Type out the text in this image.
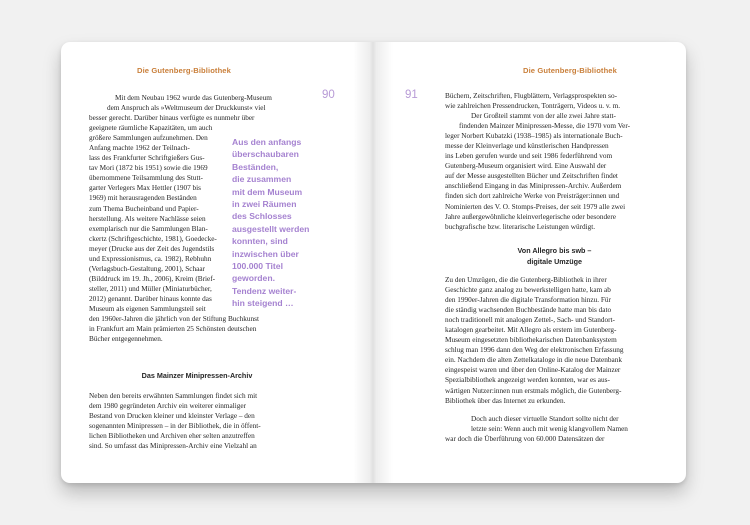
Die Gutenberg-Bibliothek
90
Mit dem Neubau 1962 wurde das Gutenberg-Museum
dem Anspruch als »Weltmuseum der Druckkunst« viel
besser gerecht. Darüber hinaus verfügte es nunmehr über
geeignete räumliche Kapazitäten, um auch
größere Sammlungen aufzunehmen. Den
Anfang machte 1962 der Teilnach-
lass des Frankfurter Schriftgießers Gus-
tav Mori (1872 bis 1951) sowie die 1969
übernommene Teilsammlung des Stutt-
garter Verlegers Max Hettler (1907 bis
1969) mit herausragenden Beständen
zum Thema Bucheinband und Papier-
herstellung. Als weitere Nachlässe seien
exemplarisch nur die Sammlungen Blan-
ckertz (Schriftgeschichte, 1981), Goedecke-
meyer (Drucke aus der Zeit des Jugendstils
und Expressionismus, ca. 1982), Rebhuhn
(Verlagsbuch-Gestaltung, 2001), Schaar
(Bilddruck im 19. Jh., 2006), Kreim (Brief-
steller, 2011) und Müller (Miniaturbücher,
2012) genannt. Darüber hinaus konnte das
Museum als eigenen Sammlungsteil seit
den 1960er-Jahren die jährlich von der Stiftung Buchkunst
in Frankfurt am Main prämierten 25 Schönsten deutschen
Bücher entgegennehmen.
Das Mainzer Minipressen-Archiv
Neben den bereits erwähnten Sammlungen findet sich mit
dem 1980 gegründeten Archiv ein weiterer einmaliger
Bestand von Drucken kleiner und kleinster Verlage – den
sogenannten Minipressen – in der Bibliothek, die in öffent-
lichen Bibliotheken und Archiven eher selten anzutreffen
sind. So umfasst das Minipressen-Archiv eine Vielzahl an
Aus den anfangs
überschaubaren
Beständen,
die zusammen
mit dem Museum
in zwei Räumen
des Schlosses
ausgestellt werden
konnten, sind
inzwischen über
100.000 Titel
geworden.
Tendenz weiter-
hin steigend …
Die Gutenberg-Bibliothek
91	Büchern, Zeitschriften, Flugblättern, Verlagsprospekten so-
wie zahlreichen Pressendrucken, Tonträgern, Videos u. v. m.
Der Großteil stammt von der alle zwei Jahre statt-
findenden Mainzer Minipressen-Messe, die 1970 vom Ver-
leger Norbert Kubatzki (1938–1985) als internationale Buch-
messe der Kleinverlage und künstlerischen Handpressen
ins Leben gerufen wurde und seit 1986 federführend vom
Gutenberg-Museum organisiert wird. Eine Auswahl der
auf der Messe ausgestellten Bücher und Zeitschriften findet
anschließend Eingang in das Minipressen-Archiv. Außerdem
finden sich dort zahlreiche Werke von Preisträger:innen und
Nominierten des V. O. Stomps-Preises, der seit 1979 alle zwei
Jahre außergewöhnliche kleinverlegerische oder besondere
buchgrafische bzw. literarische Leistungen würdigt.
Von Allegro bis swb –
digitale Umzüge
Zu den Umzügen, die die Gutenberg-Bibliothek in ihrer
Geschichte ganz analog zu bewerkstelligen hatte, kam ab
den 1990er-Jahren die digitale Transformation hinzu. Für
die ständig wachsenden Buchbestände hatte man bis dato
noch traditionell mit analogen Zettel-, Sach- und Standort-
katalogen gearbeitet. Mit Allegro als erstem im Gutenberg-
Museum eingesetzten bibliothekarischen Datenbanksystem
schlug man 1996 dann den Weg der elektronischen Erfassung
ein. Nachdem die alten Zettelkataloge in die neue Datenbank
eingespeist waren und über den Online-Katalog der Mainzer
Spezialbibliothek angezeigt werden konnten, war es aus-
wärtigen Nutzer:innen nun erstmals möglich, die Gutenberg-
Bibliothek über das Internet zu erkunden.
Doch auch dieser virtuelle Standort sollte nicht der
letzte sein: Wenn auch mit wenig klangvollem Namen
war doch die Überführung von 60.000 Datensätzen der
